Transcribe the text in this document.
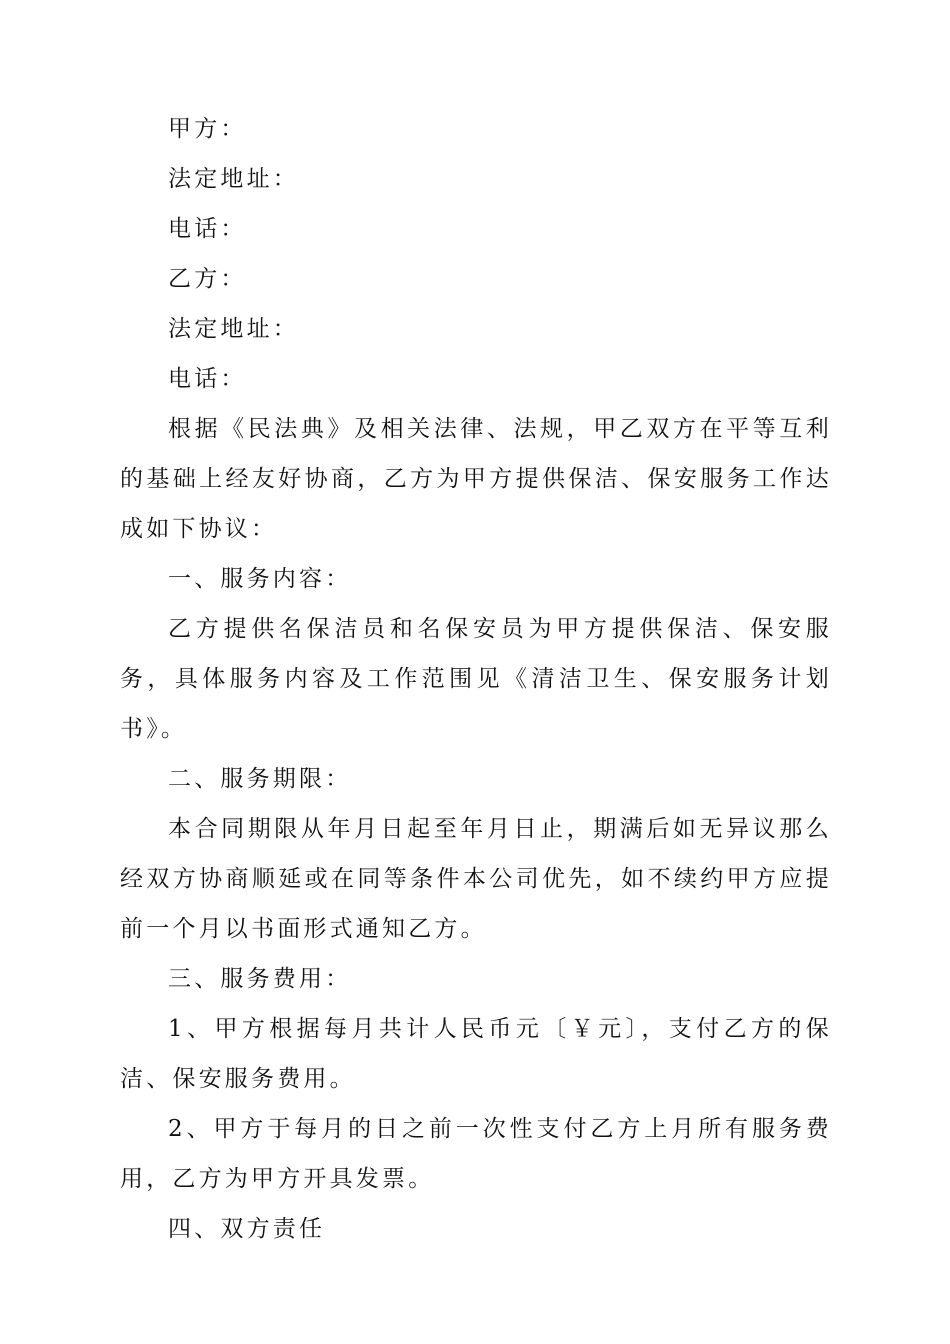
甲方：
法定地址：
电话：
乙方：
法定地址：
电话：
根据《民法典》及相关法律、法规，甲乙双方在平等互利的基础上经友好协商，乙方为甲方提供保洁、保安服务工作达成如下协议：
一、服务内容：
乙方提供名保洁员和名保安员为甲方提供保洁、保安服务，具体服务内容及工作范围见《清洁卫生、保安服务计划书》。
二、服务期限：
本合同期限从年月日起至年月日止，期满后如无异议那么经双方协商顺延或在同等条件本公司优先，如不续约甲方应提前一个月以书面形式通知乙方。
三、服务费用：
1、甲方根据每月共计人民币元〔￥元〕，支付乙方的保洁、保安服务费用。
2、甲方于每月的日之前一次性支付乙方上月所有服务费用，乙方为甲方开具发票。
四、双方责任
